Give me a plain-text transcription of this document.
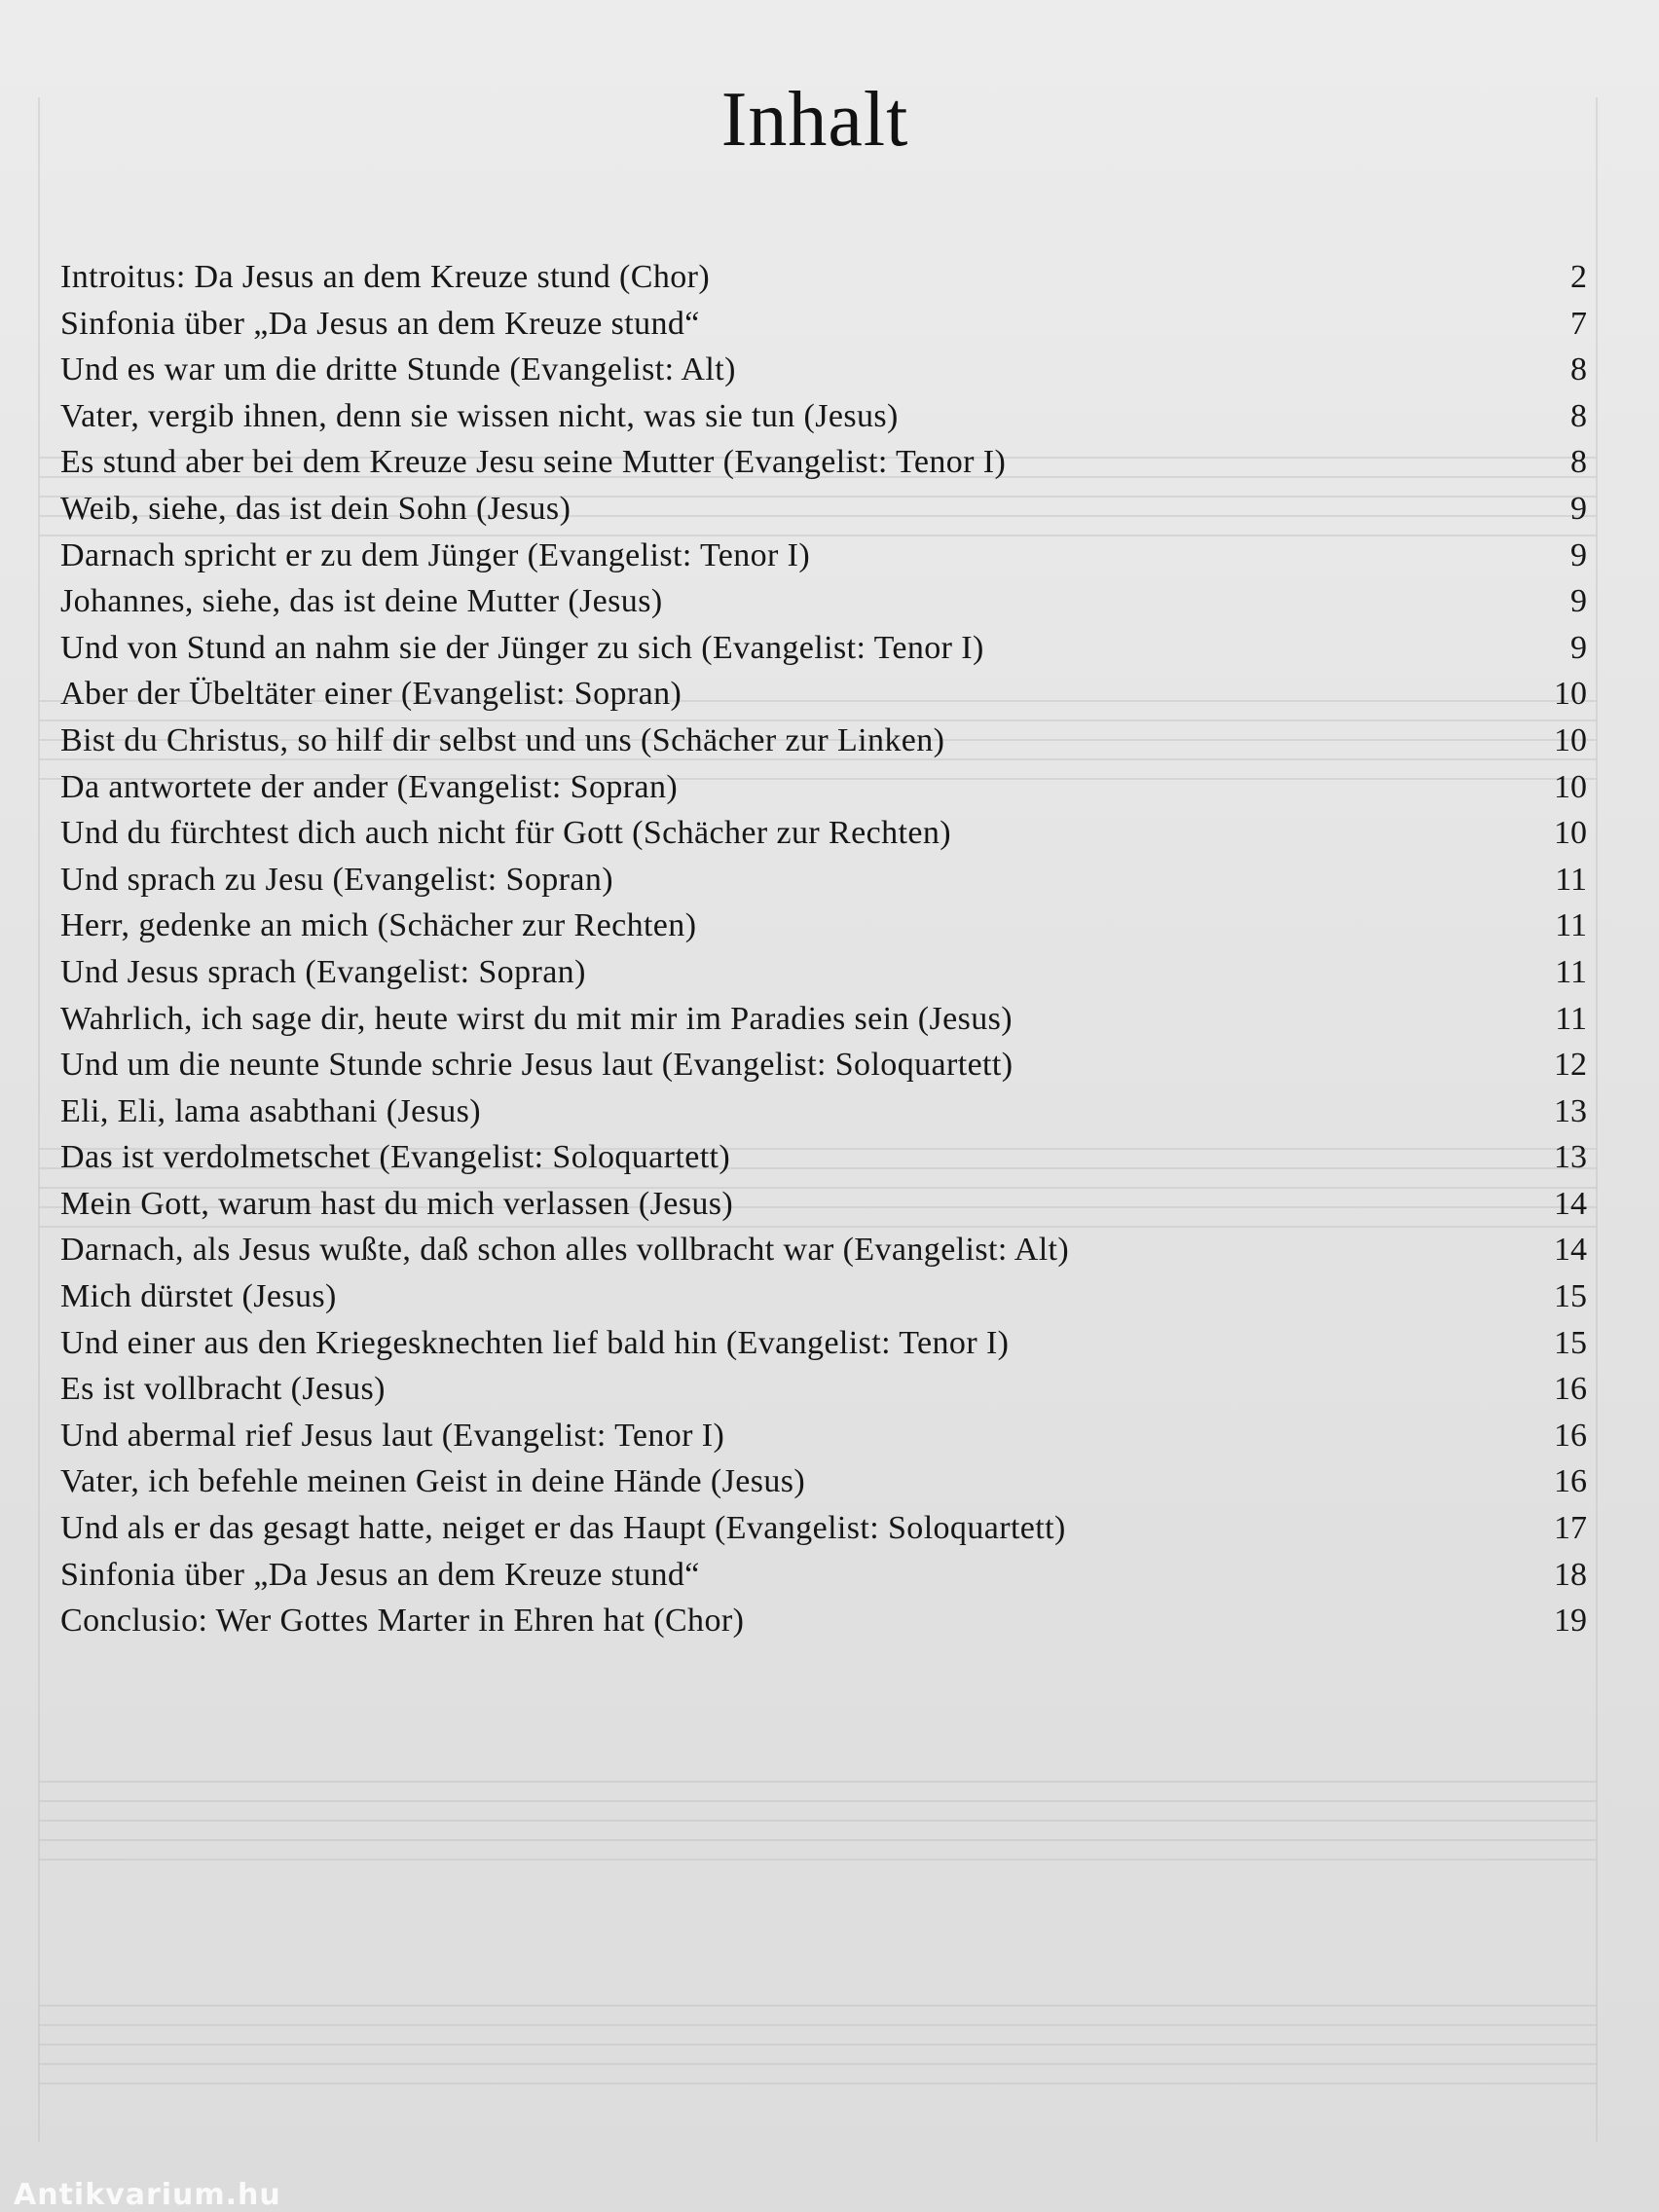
Inhalt
Introitus: Da Jesus an dem Kreuze stund (Chor)	2
Sinfonia über „Da Jesus an dem Kreuze stund“	7
Und es war um die dritte Stunde (Evangelist: Alt)	8
Vater, vergib ihnen, denn sie wissen nicht, was sie tun (Jesus)	8
Es stund aber bei dem Kreuze Jesu seine Mutter (Evangelist: Tenor I)	8
Weib, siehe, das ist dein Sohn (Jesus)	9
Darnach spricht er zu dem Jünger (Evangelist: Tenor I)	9
Johannes, siehe, das ist deine Mutter (Jesus)	9
Und von Stund an nahm sie der Jünger zu sich (Evangelist: Tenor I)	9
Aber der Übeltäter einer (Evangelist: Sopran)	10
Bist du Christus, so hilf dir selbst und uns (Schächer zur Linken)	10
Da antwortete der ander (Evangelist: Sopran)	10
Und du fürchtest dich auch nicht für Gott (Schächer zur Rechten)	10
Und sprach zu Jesu (Evangelist: Sopran)	11
Herr, gedenke an mich (Schächer zur Rechten)	11
Und Jesus sprach (Evangelist: Sopran)	11
Wahrlich, ich sage dir, heute wirst du mit mir im Paradies sein (Jesus)	11
Und um die neunte Stunde schrie Jesus laut (Evangelist: Soloquartett)	12
Eli, Eli, lama asabthani (Jesus)	13
Das ist verdolmetschet (Evangelist: Soloquartett)	13
Mein Gott, warum hast du mich verlassen (Jesus)	14
Darnach, als Jesus wußte, daß schon alles vollbracht war (Evangelist: Alt)	14
Mich dürstet (Jesus)	15
Und einer aus den Kriegesknechten lief bald hin (Evangelist: Tenor I)	15
Es ist vollbracht (Jesus)	16
Und abermal rief Jesus laut (Evangelist: Tenor I)	16
Vater, ich befehle meinen Geist in deine Hände (Jesus)	16
Und als er das gesagt hatte, neiget er das Haupt (Evangelist: Soloquartett)	17
Sinfonia über „Da Jesus an dem Kreuze stund“	18
Conclusio: Wer Gottes Marter in Ehren hat (Chor)	19
Antikvarium.hu
